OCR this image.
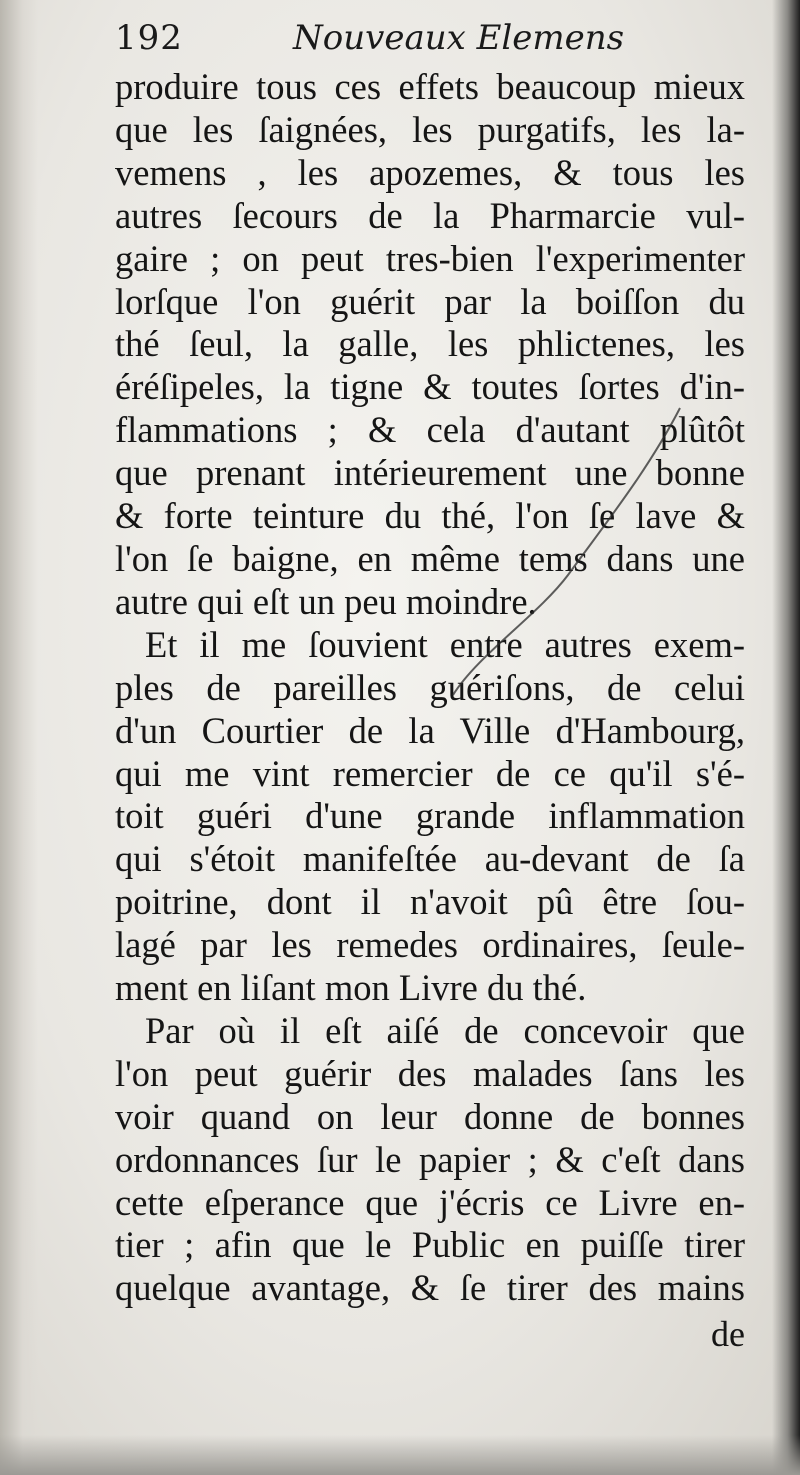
192	Nouveaux Elemens
produire tous ces effets beaucoup mieux
que les ſaignées, les purgatifs, les la-
vemens , les apozemes, & tous les
autres ſecours de la Pharmarcie vul-
gaire ; on peut tres-bien l'experimenter
lorſque l'on guérit par la boiſſon du
thé ſeul, la galle, les phlictenes, les
éréſipeles, la tigne & toutes ſortes d'in-
flammations ; & cela d'autant plûtôt
que prenant intérieurement une bonne
& forte teinture du thé, l'on ſe lave &
l'on ſe baigne, en même tems dans une
autre qui eſt un peu moindre.
Et il me ſouvient entre autres exem-
ples de pareilles guériſons, de celui
d'un Courtier de la Ville d'Hambourg,
qui me vint remercier de ce qu'il s'é-
toit guéri d'une grande inflammation
qui s'étoit manifeſtée au-devant de ſa
poitrine, dont il n'avoit pû être ſou-
lagé par les remedes ordinaires, ſeule-
ment en liſant mon Livre du thé.
Par où il eſt aiſé de concevoir que
l'on peut guérir des malades ſans les
voir quand on leur donne de bonnes
ordonnances ſur le papier ; & c'eſt dans
cette eſperance que j'écris ce Livre en-
tier ; afin que le Public en puiſſe tirer
quelque avantage, & ſe tirer des mains
de
